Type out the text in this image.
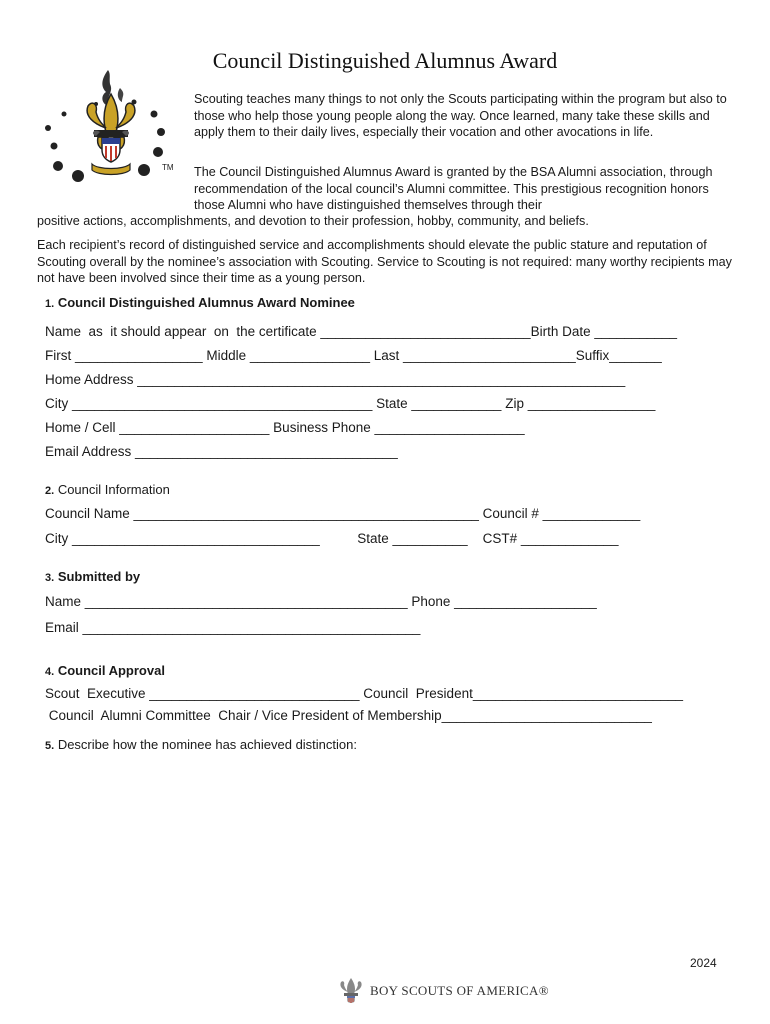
Council Distinguished Alumnus Award
TM

Scouting teaches many things to not only the Scouts participating within the program but also to those who help those young people along the way. Once learned, many take these skills and apply them to their daily lives, especially their vocation and other avocations in life.

The Council Distinguished Alumnus Award is granted by the BSA Alumni association, through recommendation of the local council’s Alumni committee. This prestigious recognition honors those Alumni who have distinguished themselves through their

positive actions, accomplishments, and devotion to their profession, hobby, community, and beliefs.

Each recipient’s record of distinguished service and accomplishments should elevate the public stature and reputation of Scouting overall by the nominee’s association with Scouting. Service to Scouting is not required: many worthy recipients may not have been involved since their time as a young person.

1. Council Distinguished Alumnus Award Nominee
Name  as  it should appear  on  the certificate ____________________________Birth Date ___________
First _________________ Middle ________________ Last _______________________Suffix_______
Home Address _________________________________________________________________
City ________________________________________ State ____________ Zip _________________
Home / Cell ____________________ Business Phone ____________________
Email Address ___________________________________
2. Council Information
Council Name ______________________________________________ Council # _____________
City _________________________________          State __________    CST# _____________
3. Submitted by
Name ___________________________________________ Phone ___________________
Email _____________________________________________
4. Council Approval
Scout  Executive ____________________________ Council  President____________________________
Council  Alumni Committee  Chair / Vice President of Membership____________________________
5. Describe how the nominee has achieved distinction:
2024
BOY SCOUTS OF AMERICA®
